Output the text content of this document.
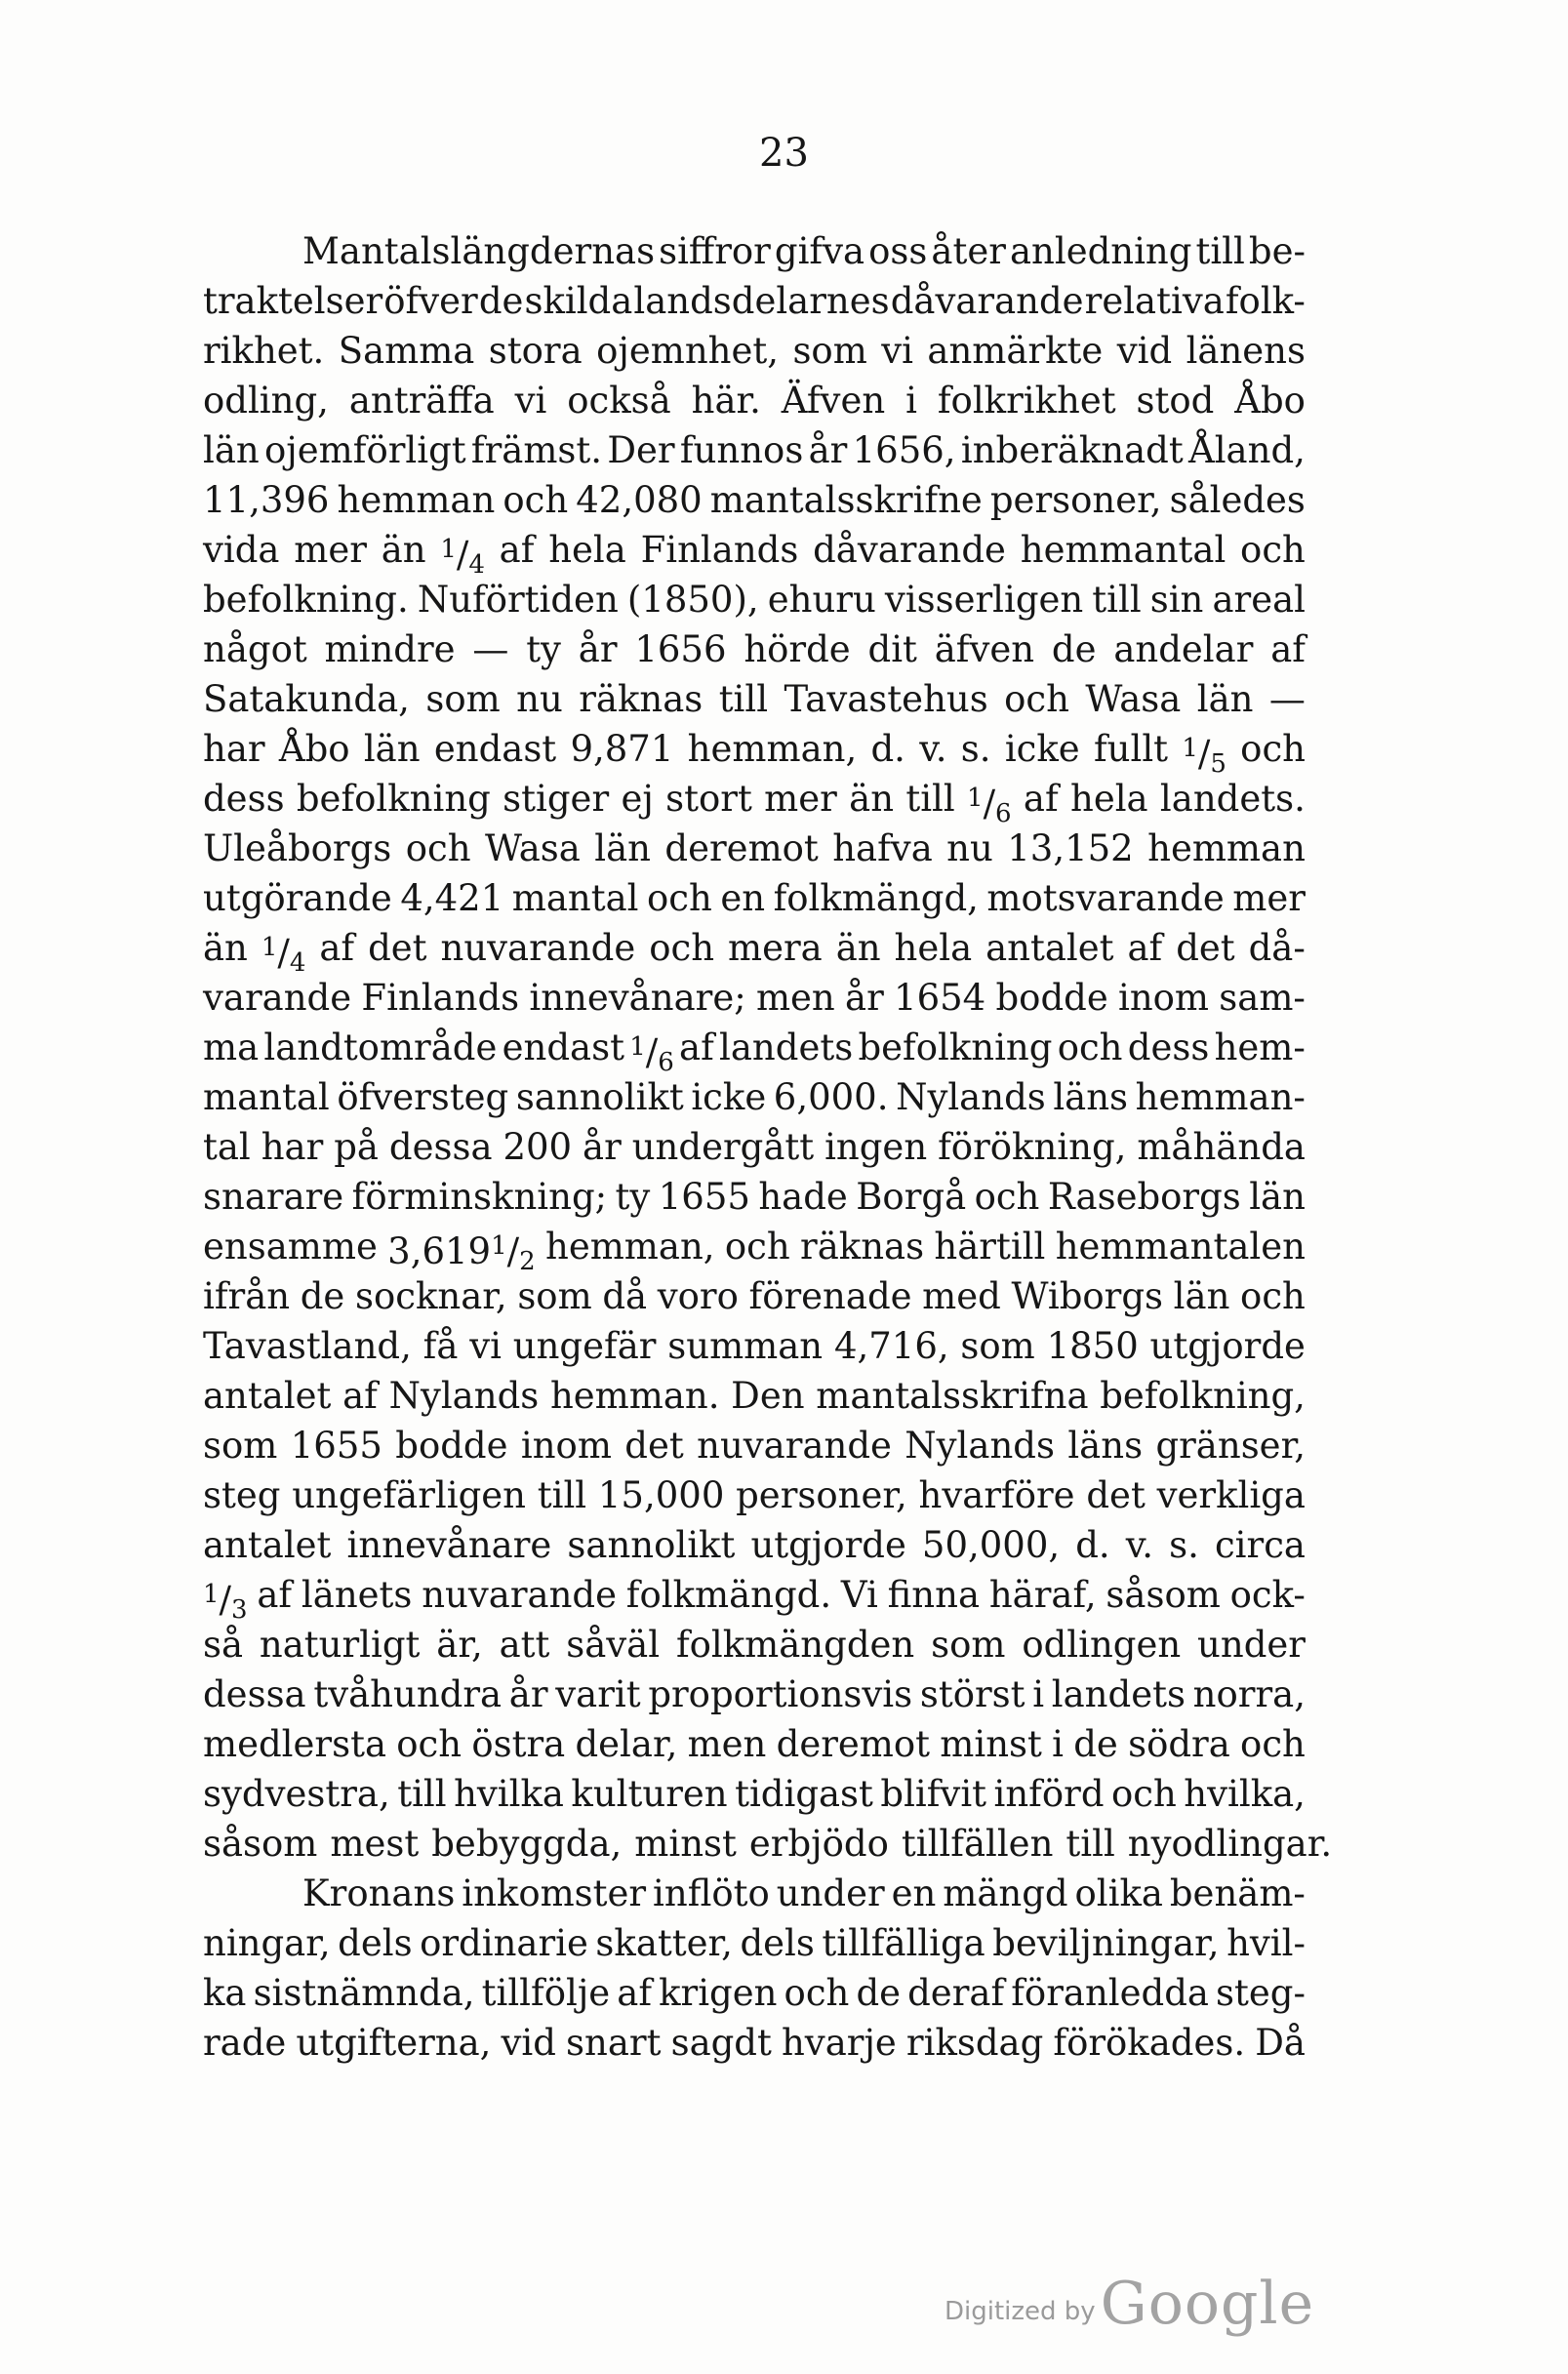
23
Mantalslängdernas siffror gifva oss åter anledning till be-
traktelser öfver de skilda landsdelarnes dåvarande relativa folk-
rikhet. Samma stora ojemnhet, som vi anmärkte vid länens
odling, anträffa vi också här. Äfven i folkrikhet stod Åbo
län ojemförligt främst. Der funnos år 1656, inberäknadt Åland,
11,396 hemman och 42,080 mantalsskrifne personer, således
vida mer än $^1$/4 af hela Finlands dåvarande hemmantal och
befolkning. Nuförtiden (1850), ehuru visserligen till sin areal
något mindre — ty år 1656 hörde dit äfven de andelar af
Satakunda, som nu räknas till Tavastehus och Wasa län —
har Åbo län endast 9,871 hemman, d. v. s. icke fullt $^1$/5 och
dess befolkning stiger ej stort mer än till $^1$/6 af hela landets.
Uleåborgs och Wasa län deremot hafva nu 13,152 hemman
utgörande 4,421 mantal och en folkmängd, motsvarande mer
än $^1$/4 af det nuvarande och mera än hela antalet af det då-
varande Finlands innevånare; men år 1654 bodde inom sam-
ma landtområde endast $^1$/6 af landets befolkning och dess hem-
mantal öfversteg sannolikt icke 6,000. Nylands läns hemman-
tal har på dessa 200 år undergått ingen förökning, måhända
snarare förminskning; ty 1655 hade Borgå och Raseborgs län
ensamme 3,619$^1$/2 hemman, och räknas härtill hemmantalen
ifrån de socknar, som då voro förenade med Wiborgs län och
Tavastland, få vi ungefär summan 4,716, som 1850 utgjorde
antalet af Nylands hemman. Den mantalsskrifna befolkning,
som 1655 bodde inom det nuvarande Nylands läns gränser,
steg ungefärligen till 15,000 personer, hvarföre det verkliga
antalet innevånare sannolikt utgjorde 50,000, d. v. s. circa
$^1$/3 af länets nuvarande folkmängd. Vi finna häraf, såsom ock-
så naturligt är, att såväl folkmängden som odlingen under
dessa tvåhundra år varit proportionsvis störst i landets norra,
medlersta och östra delar, men deremot minst i de södra och
sydvestra, till hvilka kulturen tidigast blifvit införd och hvilka,
såsom mest bebyggda, minst erbjödo tillfällen till nyodlingar.
Kronans inkomster inflöto under en mängd olika benäm-
ningar, dels ordinarie skatter, dels tillfälliga beviljningar, hvil-
ka sistnämnda, tillfölje af krigen och de deraf föranledda steg-
rade utgifterna, vid snart sagdt hvarje riksdag förökades. Då
Digitized by Google
